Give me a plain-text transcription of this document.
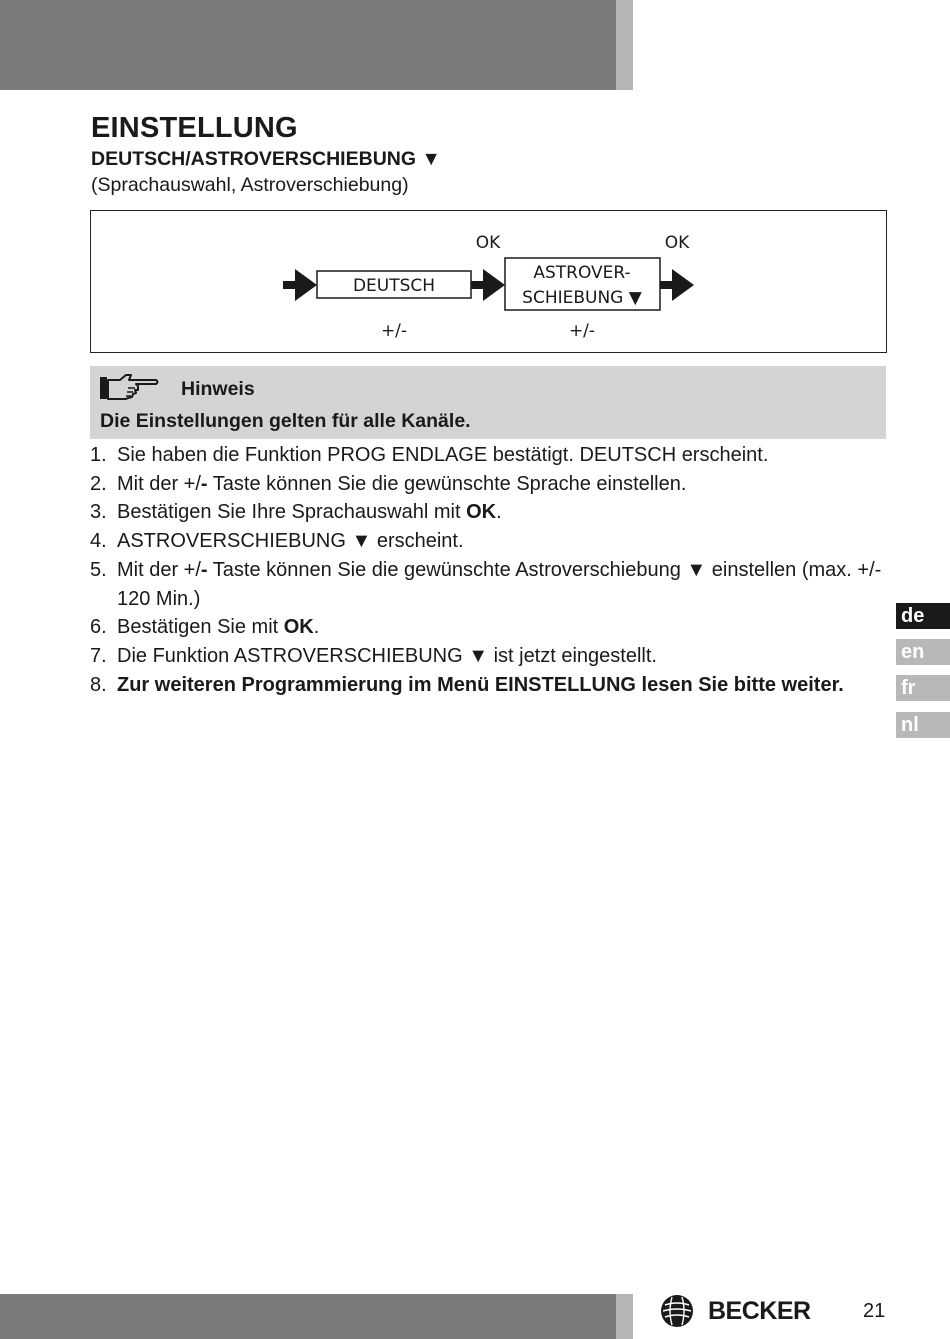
EINSTELLUNG
DEUTSCH/ASTROVERSCHIEBUNG ▼
(Sprachauswahl, Astroverschiebung)
DEUTSCH
ASTROVER-
SCHIEBUNG ▼
OK	OK
+/-	+/-
Hinweis
Die Einstellungen gelten für alle Kanäle.
1. Sie haben die Funktion PROG ENDLAGE bestätigt. DEUTSCH erscheint.
2. Mit der +/- Taste können Sie die gewünschte Sprache einstellen.
3. Bestätigen Sie Ihre Sprachauswahl mit OK.
4. ASTROVERSCHIEBUNG ▼ erscheint.
5. Mit der +/- Taste können Sie die gewünschte Astroverschiebung ▼ einstellen (max. +/- 120 Min.)
6. Bestätigen Sie mit OK.
7. Die Funktion ASTROVERSCHIEBUNG ▼ ist jetzt eingestellt.
8. Zur weiteren Programmierung im Menü EINSTELLUNG lesen Sie bitte weiter.
de
en
fr
nl
BECKER	21
